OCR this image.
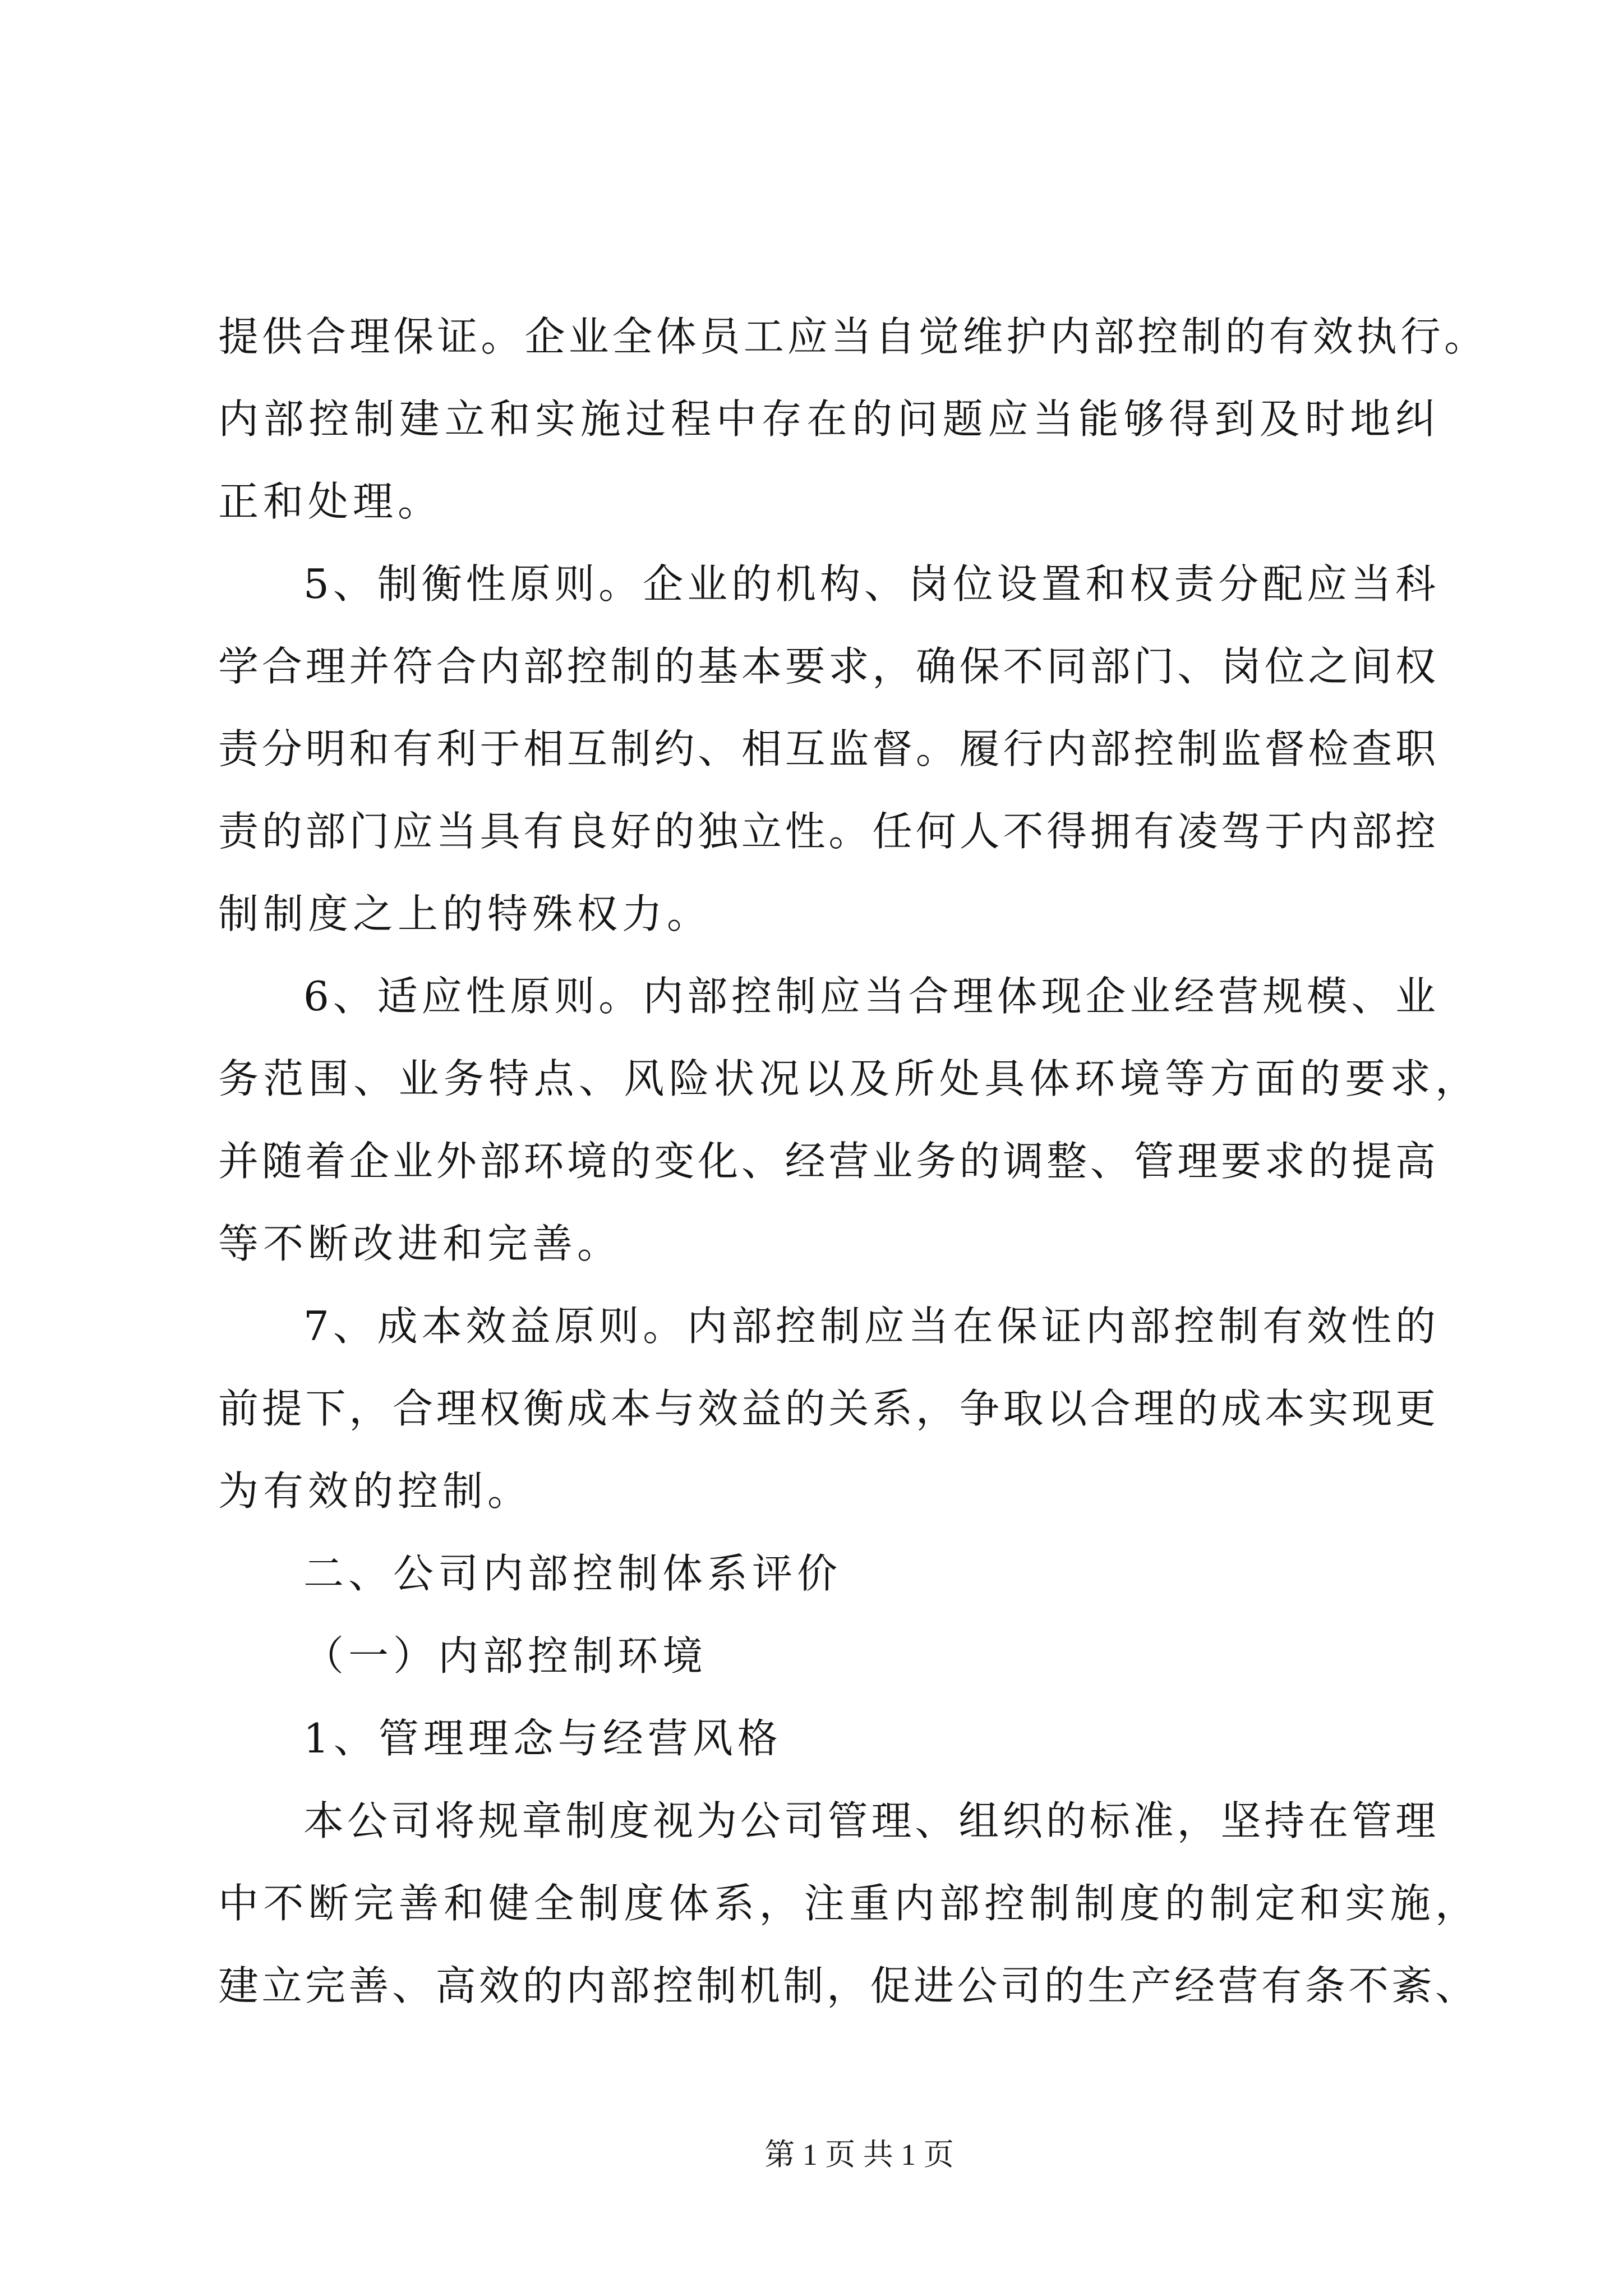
提供合理保证。企业全体员工应当自觉维护内部控制的有效执行。
内部控制建立和实施过程中存在的问题应当能够得到及时地纠
正和处理。
5、制衡性原则。企业的机构、岗位设置和权责分配应当科
学合理并符合内部控制的基本要求，确保不同部门、岗位之间权
责分明和有利于相互制约、相互监督。履行内部控制监督检查职
责的部门应当具有良好的独立性。任何人不得拥有凌驾于内部控
制制度之上的特殊权力。
6、适应性原则。内部控制应当合理体现企业经营规模、业
务范围、业务特点、风险状况以及所处具体环境等方面的要求，
并随着企业外部环境的变化、经营业务的调整、管理要求的提高
等不断改进和完善。
7、成本效益原则。内部控制应当在保证内部控制有效性的
前提下，合理权衡成本与效益的关系，争取以合理的成本实现更
为有效的控制。
二、公司内部控制体系评价
（一）内部控制环境
1、管理理念与经营风格
本公司将规章制度视为公司管理、组织的标准，坚持在管理
中不断完善和健全制度体系，注重内部控制制度的制定和实施，
建立完善、高效的内部控制机制，促进公司的生产经营有条不紊、
第 1 页 共 1 页
